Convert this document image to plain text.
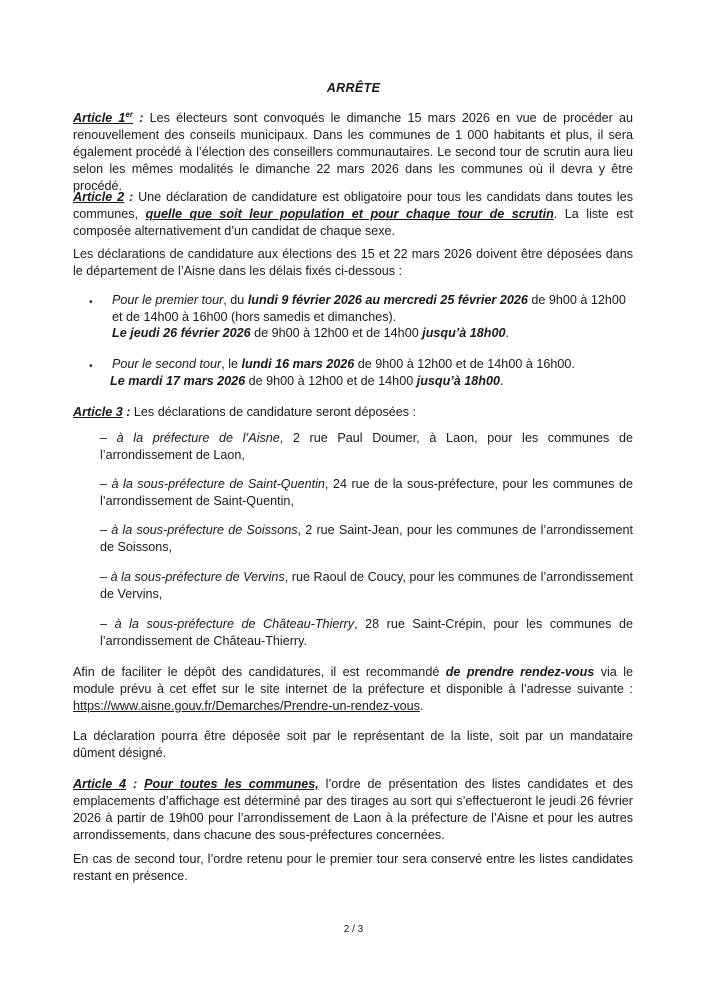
ARRÊTE

Article 1er : Les électeurs sont convoqués le dimanche 15 mars 2026 en vue de procéder au renouvellement des conseils municipaux. Dans les communes de 1 000 habitants et plus, il sera également procédé à l’élection des conseillers communautaires. Le second tour de scrutin aura lieu selon les mêmes modalités le dimanche 22 mars 2026 dans les communes où il devra y être procédé.

Article 2 : Une déclaration de candidature est obligatoire pour tous les candidats dans toutes les communes, quelle que soit leur population et pour chaque tour de scrutin. La liste est composée alternativement d’un candidat de chaque sexe.

Les déclarations de candidature aux élections des 15 et 22 mars 2026 doivent être déposées dans le département de l’Aisne dans les délais fixés ci-dessous :

• Pour le premier tour, du lundi 9 février 2026 au mercredi 25 février 2026 de 9h00 à 12h00 et de 14h00 à 16h00 (hors samedis et dimanches).

Le jeudi 26 février 2026 de 9h00 à 12h00 et de 14h00 jusqu’à 18h00.

• Pour le second tour, le lundi 16 mars 2026 de 9h00 à 12h00 et de 14h00 à 16h00.

Le mardi 17 mars 2026 de 9h00 à 12h00 et de 14h00 jusqu’à 18h00.

Article 3 : Les déclarations de candidature seront déposées :

– à la préfecture de l’Aisne, 2 rue Paul Doumer, à Laon, pour les communes de l’arrondissement de Laon,

– à la sous-préfecture de Saint-Quentin, 24 rue de la sous-préfecture, pour les communes de l’arrondissement de Saint-Quentin,

– à la sous-préfecture de Soissons, 2 rue Saint-Jean, pour les communes de l’arrondissement de Soissons,

– à la sous-préfecture de Vervins, rue Raoul de Coucy, pour les communes de l’arrondissement de Vervins,

– à la sous-préfecture de Château-Thierry, 28 rue Saint-Crépin, pour les communes de l’arrondissement de Château-Thierry.

Afin de faciliter le dépôt des candidatures, il est recommandé de prendre rendez-vous via le module prévu à cet effet sur le site internet de la préfecture et disponible à l’adresse suivante : https://www.aisne.gouv.fr/Demarches/Prendre-un-rendez-vous.

La déclaration pourra être déposée soit par le représentant de la liste, soit par un mandataire dûment désigné.

Article 4 : Pour toutes les communes, l’ordre de présentation des listes candidates et des emplacements d’affichage est déterminé par des tirages au sort qui s’effectueront le jeudi 26 février 2026 à partir de 19h00 pour l’arrondissement de Laon à la préfecture de l’Aisne et pour les autres arrondissements, dans chacune des sous-préfectures concernées.

En cas de second tour, l’ordre retenu pour le premier tour sera conservé entre les listes candidates restant en présence.

2 / 3
